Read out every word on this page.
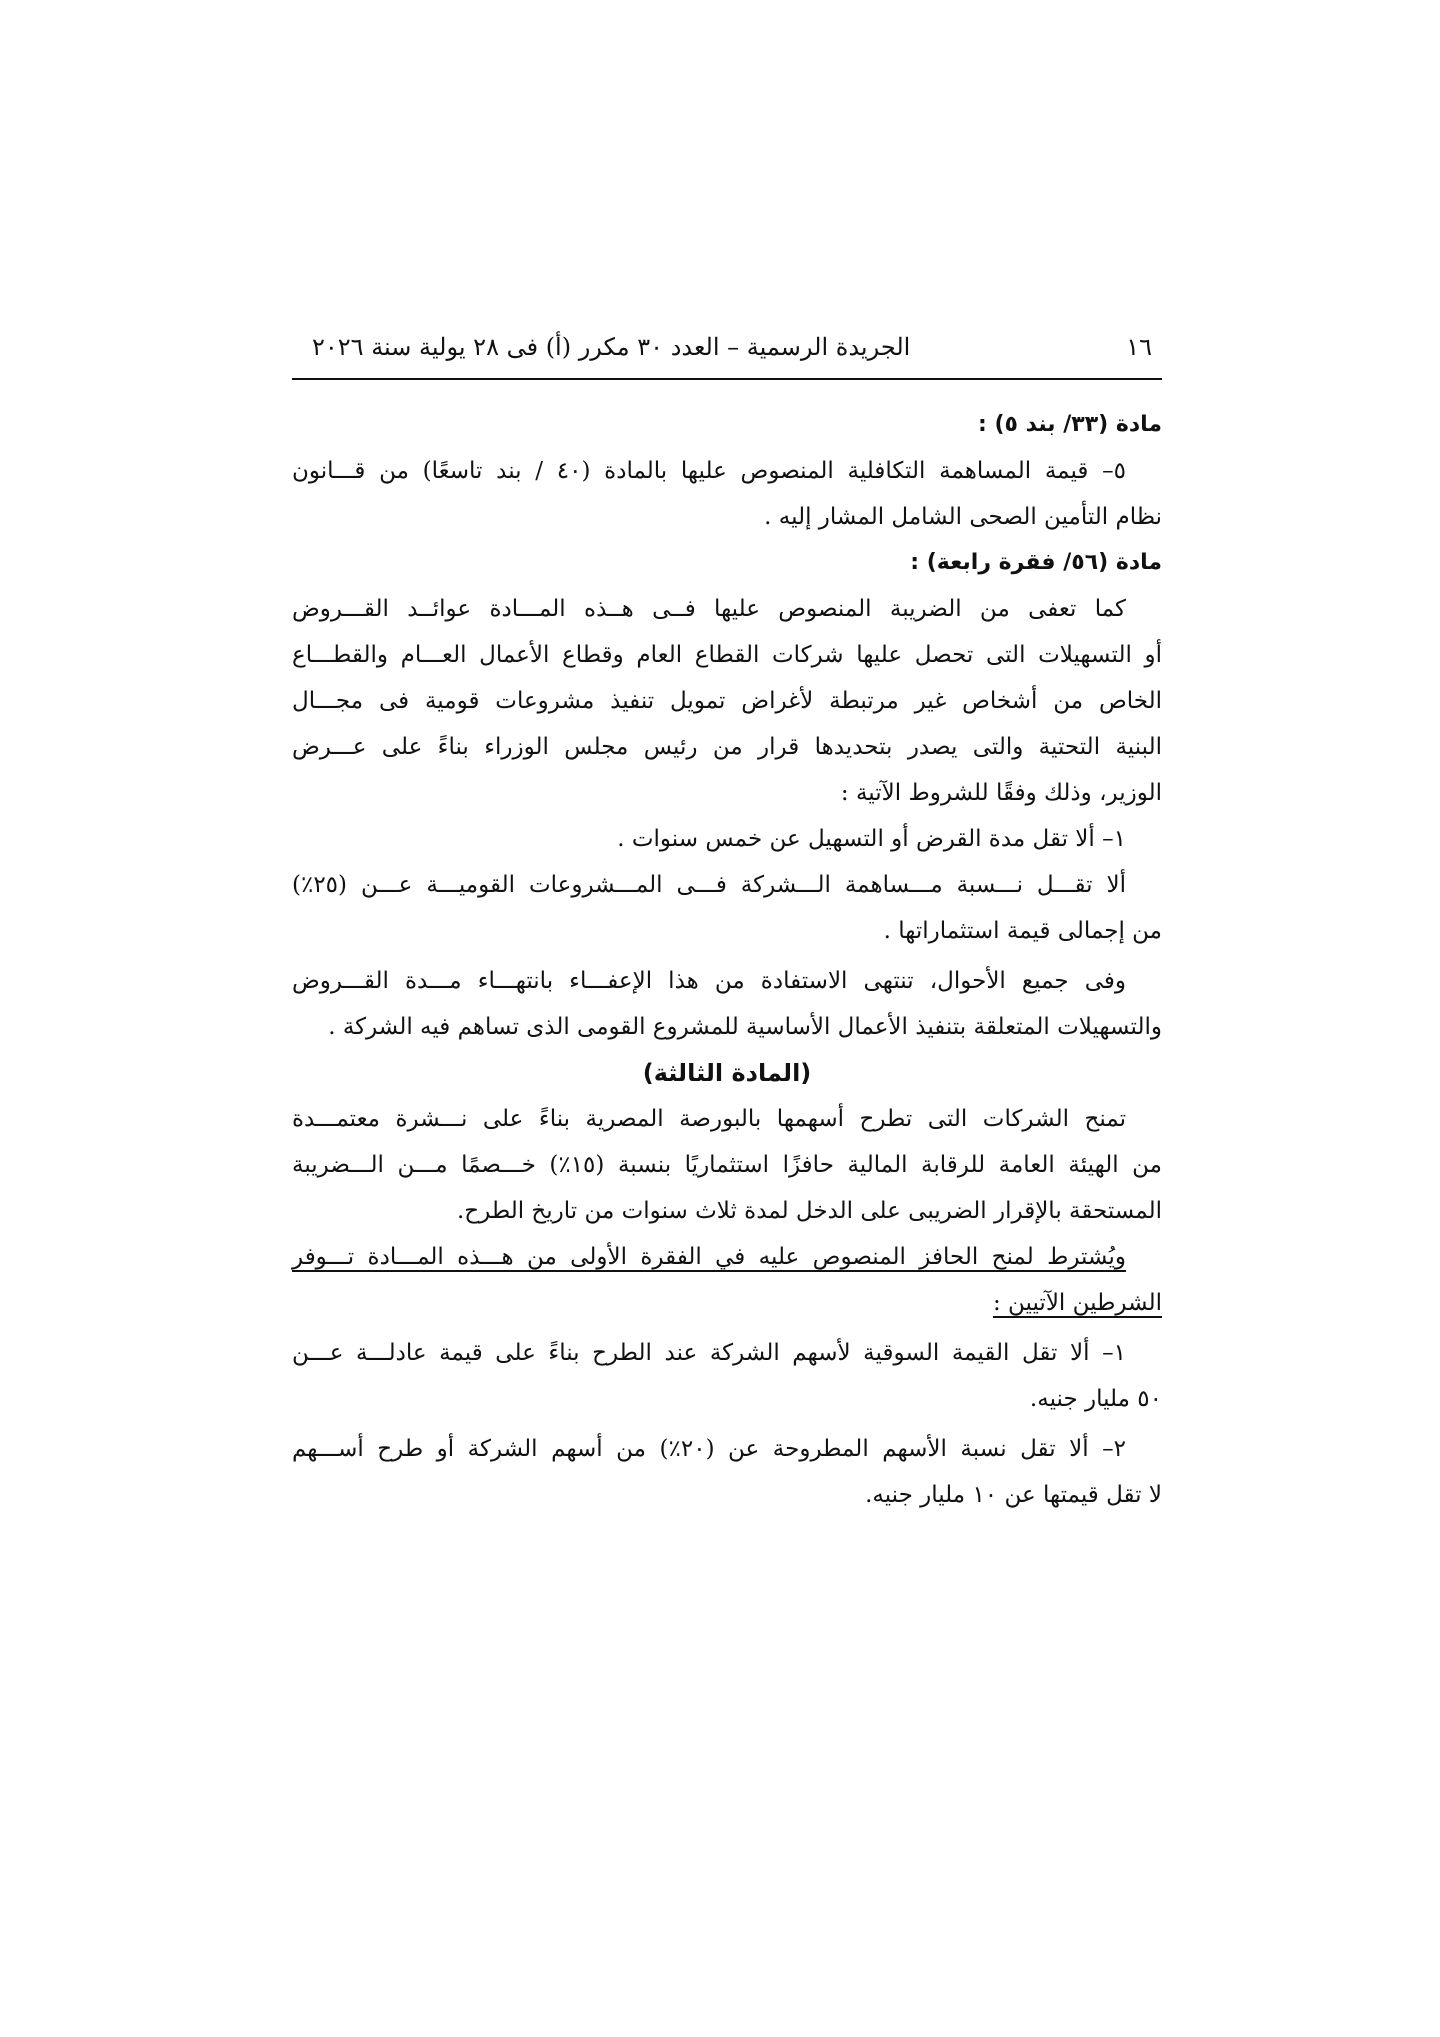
١٦
الجريدة الرسمية – العدد ٣٠ مكرر (أ) فى ٢٨ يولية سنة ٢٠٢٦

مادة (٣٣/ بند ٥) :

٥– قيمة المساهمة التكافلية المنصوص عليها بالمادة (٤٠ / بند تاسعًا) من قـــانون

نظام التأمين الصحى الشامل المشار إليه .

مادة (٥٦/ فقرة رابعة) :

كما تعفى من الضريبة المنصوص عليها فــى هــذه المـــادة عوائــد القـــروض

أو التسهيلات التى تحصل عليها شركات القطاع العام وقطاع الأعمال العـــام والقطـــاع

الخاص من أشخاص غير مرتبطة لأغراض تمويل تنفيذ مشروعات قومية فى مجـــال

البنية التحتية والتى يصدر بتحديدها قرار من رئيس مجلس الوزراء بناءً على عـــرض

الوزير، وذلك وفقًا للشروط الآتية :

١– ألا تقل مدة القرض أو التسهيل عن خمس سنوات .

ألا تقـــل نـــسبة مـــساهمة الـــشركة فـــى المـــشروعات القوميـــة عـــن (٢٥٪)

من إجمالى قيمة استثماراتها .

وفى جميع الأحوال، تنتهى الاستفادة من هذا الإعفـــاء بانتهـــاء مـــدة القـــروض

والتسهيلات المتعلقة بتنفيذ الأعمال الأساسية للمشروع القومى الذى تساهم فيه الشركة .

(المادة الثالثة)

تمنح الشركات التى تطرح أسهمها بالبورصة المصرية بناءً على نـــشرة معتمـــدة

من الهيئة العامة للرقابة المالية حافزًا استثماريًا بنسبة (١٥٪) خـــصمًا مـــن الـــضريبة

المستحقة بالإقرار الضريبى على الدخل لمدة ثلاث سنوات من تاريخ الطرح.

ويُشترط لمنح الحافز المنصوص عليه في الفقرة الأولى من هـــذه المـــادة تـــوفر

الشرطين الآتيين :

١– ألا تقل القيمة السوقية لأسهم الشركة عند الطرح بناءً على قيمة عادلـــة عـــن

٥٠ مليار جنيه.

٢– ألا تقل نسبة الأسهم المطروحة عن (٢٠٪) من أسهم الشركة أو طرح أســـهم

لا تقل قيمتها عن ١٠ مليار جنيه.
